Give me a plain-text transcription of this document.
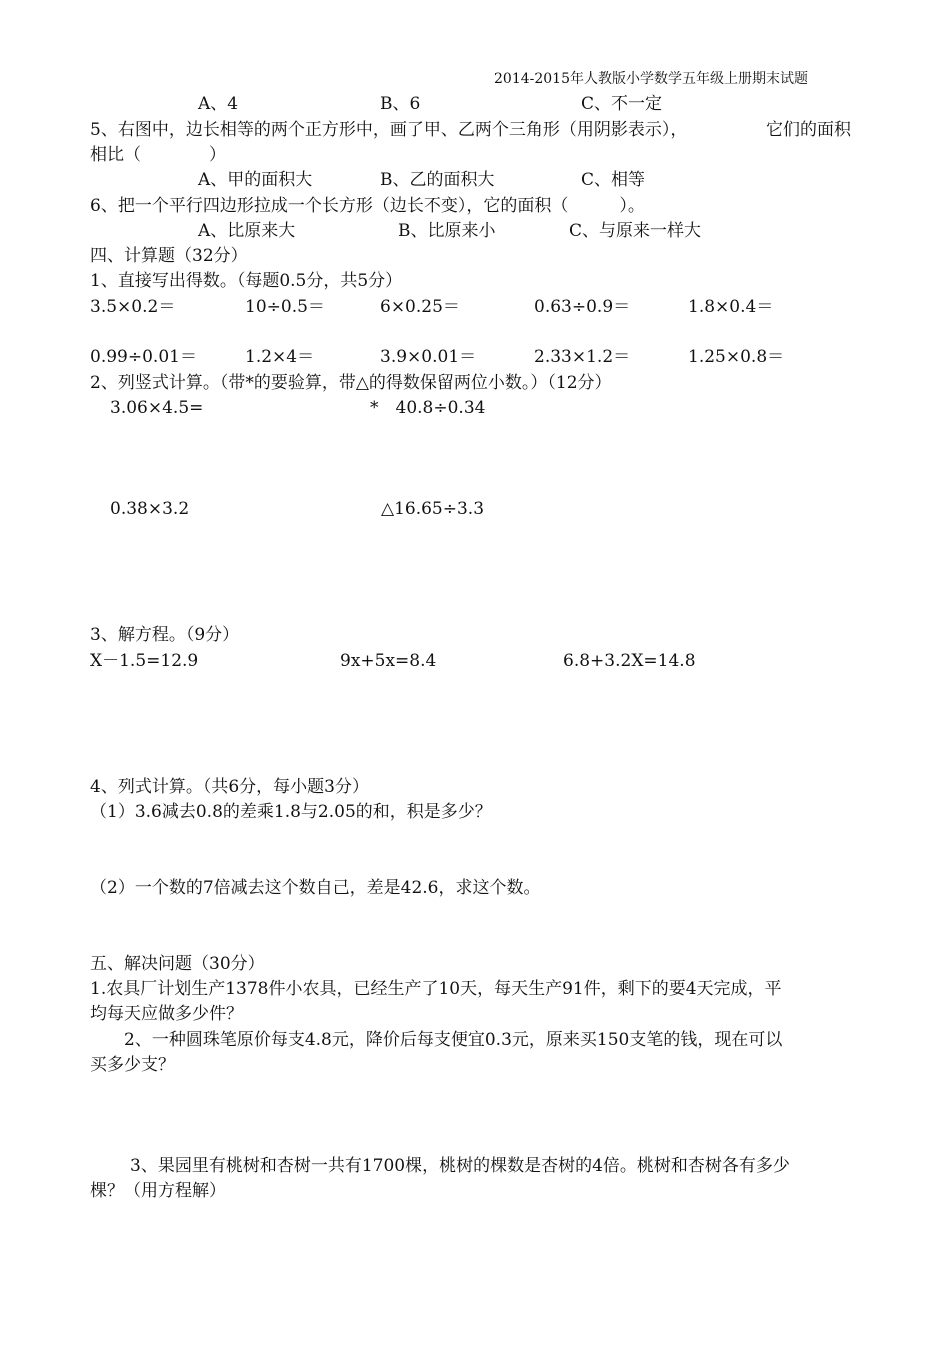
2014-2015年人教版小学数学五年级上册期末试题
A、4	B、6	C、不一定
5、右图中，边长相等的两个正方形中，画了甲、乙两个三角形（用阴影表示），	它们的面积
相比（　　　　）
A、甲的面积大	B、乙的面积大	C、相等
6、把一个平行四边形拉成一个长方形（边长不变），它的面积（　　　）。
A、比原来大	B、比原来小	C、与原来一样大
四、计算题（32分）
1、直接写出得数。（每题0.5分，共5分）
3.5×0.2＝	10÷0.5＝	6×0.25＝	0.63÷0.9＝	1.8×0.4＝
0.99÷0.01＝	1.2×4＝	3.9×0.01＝	2.33×1.2＝	1.25×0.8＝
2、列竖式计算。（带*的要验算，带△的得数保留两位小数。）（12分）
3.06×4.5=	*　40.8÷0.34
0.38×3.2	△16.65÷3.3
3、解方程。（9分）
X－1.5=12.9	9x+5x=8.4	6.8+3.2X=14.8
4、列式计算。（共6分，每小题3分）
（1）3.6减去0.8的差乘1.8与2.05的和，积是多少？
（2）一个数的7倍减去这个数自己，差是42.6，求这个数。
五、解决问题（30分）
1.农具厂计划生产1378件小农具，已经生产了10天，每天生产91件，剩下的要4天完成，平
均每天应做多少件？
2、一种圆珠笔原价每支4.8元，降价后每支便宜0.3元，原来买150支笔的钱，现在可以
买多少支？
3、果园里有桃树和杏树一共有1700棵，桃树的棵数是杏树的4倍。桃树和杏树各有多少
棵？（用方程解）
